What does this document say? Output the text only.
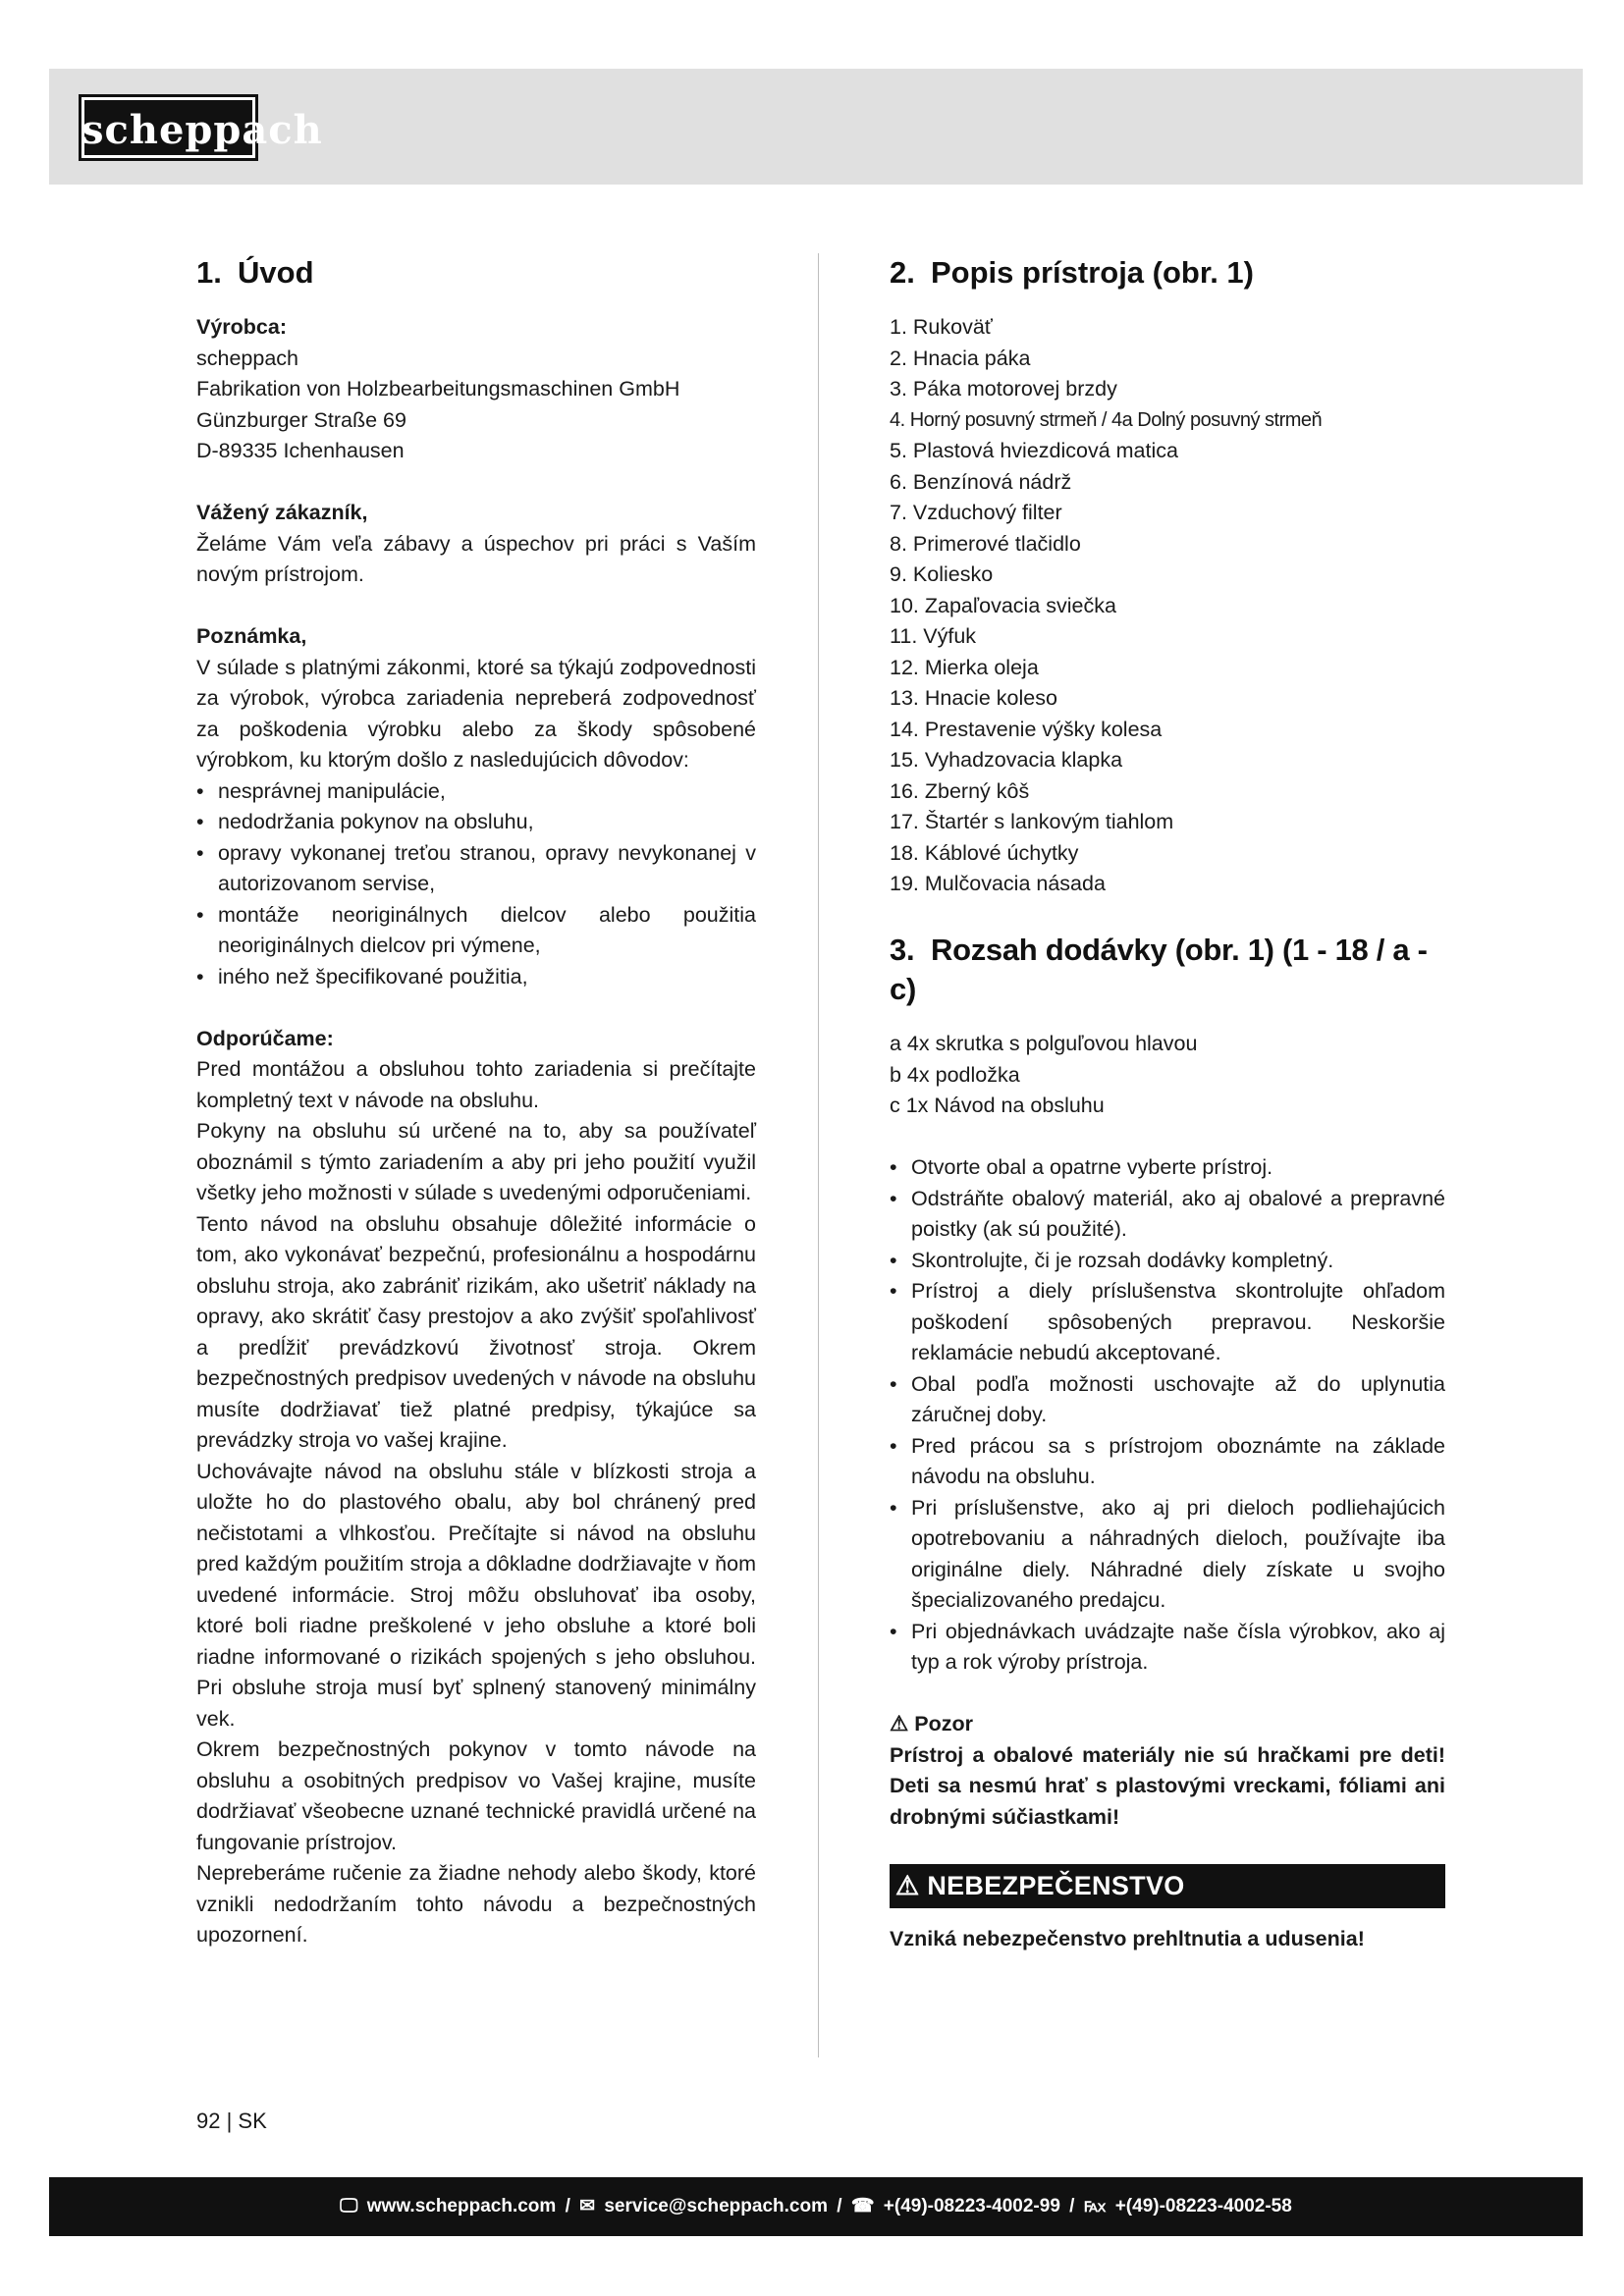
scheppach
1. Úvod
Výrobca:
scheppach
Fabrikation von Holzbearbeitungsmaschinen GmbH
Günzburger Straße 69
D-89335 Ichenhausen
Vážený zákazník,

Želáme Vám veľa zábavy a úspechov pri práci s Vaším novým prístrojom.

Poznámka,

V súlade s platnými zákonmi, ktoré sa týkajú zodpovednosti za výrobok, výrobca zariadenia nepreberá zodpovednosť za poškodenia výrobku alebo za škody spôsobené výrobkom, ku ktorým došlo z nasledujúcich dôvodov:

• nesprávnej manipulácie,
• nedodržania pokynov na obsluhu,
• opravy vykonanej treťou stranou, opravy nevykonanej v autorizovanom servise,
• montáže neoriginálnych dielcov alebo použitia neoriginálnych dielcov pri výmene,
• iného než špecifikované použitia,
Odporúčame:

Pred montážou a obsluhou tohto zariadenia si prečítajte kompletný text v návode na obsluhu.

Pokyny na obsluhu sú určené na to, aby sa používateľ oboznámil s týmto zariadením a aby pri jeho použití využil všetky jeho možnosti v súlade s uvedenými odporučeniami.

Tento návod na obsluhu obsahuje dôležité informácie o tom, ako vykonávať bezpečnú, profesionálnu a hospodárnu obsluhu stroja, ako zabrániť rizikám, ako ušetriť náklady na opravy, ako skrátiť časy prestojov a ako zvýšiť spoľahlivosť a predĺžiť prevádzkovú životnosť stroja. Okrem bezpečnostných predpisov uvedených v návode na obsluhu musíte dodržiavať tiež platné predpisy, týkajúce sa prevádzky stroja vo vašej krajine.

Uchovávajte návod na obsluhu stále v blízkosti stroja a uložte ho do plastového obalu, aby bol chránený pred nečistotami a vlhkosťou. Prečítajte si návod na obsluhu pred každým použitím stroja a dôkladne dodržiavajte v ňom uvedené informácie. Stroj môžu obsluhovať iba osoby, ktoré boli riadne preškolené v jeho obsluhe a ktoré boli riadne informované o rizikách spojených s jeho obsluhou. Pri obsluhe stroja musí byť splnený stanovený minimálny vek.

Okrem bezpečnostných pokynov v tomto návode na obsluhu a osobitných predpisov vo Vašej krajine, musíte dodržiavať všeobecne uznané technické pravidlá určené na fungovanie prístrojov.

Nepreberáme ručenie za žiadne nehody alebo škody, ktoré vznikli nedodržaním tohto návodu a bezpečnostných upozornení.

2. Popis prístroja (obr. 1)
1. Rukoväť
2. Hnacia páka
3. Páka motorovej brzdy
4. Horný posuvný strmeň / 4a Dolný posuvný strmeň
5. Plastová hviezdicová matica
6. Benzínová nádrž
7. Vzduchový filter
8. Primerové tlačidlo
9. Koliesko
10. Zapaľovacia sviečka
11. Výfuk
12. Mierka oleja
13. Hnacie koleso
14. Prestavenie výšky kolesa
15. Vyhadzovacia klapka
16. Zberný kôš
17. Štartér s lankovým tiahlom
18. Káblové úchytky
19. Mulčovacia násada
3. Rozsah dodávky (obr. 1) (1 - 18 / a - c)
a 4x skrutka s polguľovou hlavou
b 4x podložka
c 1x Návod na obsluhu
• Otvorte obal a opatrne vyberte prístroj.
• Odstráňte obalový materiál, ako aj obalové a prepravné poistky (ak sú použité).
• Skontrolujte, či je rozsah dodávky kompletný.
• Prístroj a diely príslušenstva skontrolujte ohľadom poškodení spôsobených prepravou. Neskoršie reklamácie nebudú akceptované.
• Obal podľa možnosti uschovajte až do uplynutia záručnej doby.
• Pred prácou sa s prístrojom oboznámte na základe návodu na obsluhu.
• Pri príslušenstve, ako aj pri dieloch podliehajúcich opotrebovaniu a náhradných dieloch, používajte iba originálne diely. Náhradné diely získate u svojho špecializovaného predajcu.
• Pri objednávkach uvádzajte naše čísla výrobkov, ako aj typ a rok výroby prístroja.
⚠ Pozor

Prístroj a obalové materiály nie sú hračkami pre deti! Deti sa nesmú hrať s plastovými vreckami, fóliami ani drobnými súčiastkami!

⚠ NEBEZPEČENSTVO

Vzniká nebezpečenstvo prehltnutia a udusenia!

92 | SK
🖵 www.scheppach.com / ✉ service@scheppach.com / ☎ +(49)-08223-4002-99 / ℻ +(49)-08223-4002-58
